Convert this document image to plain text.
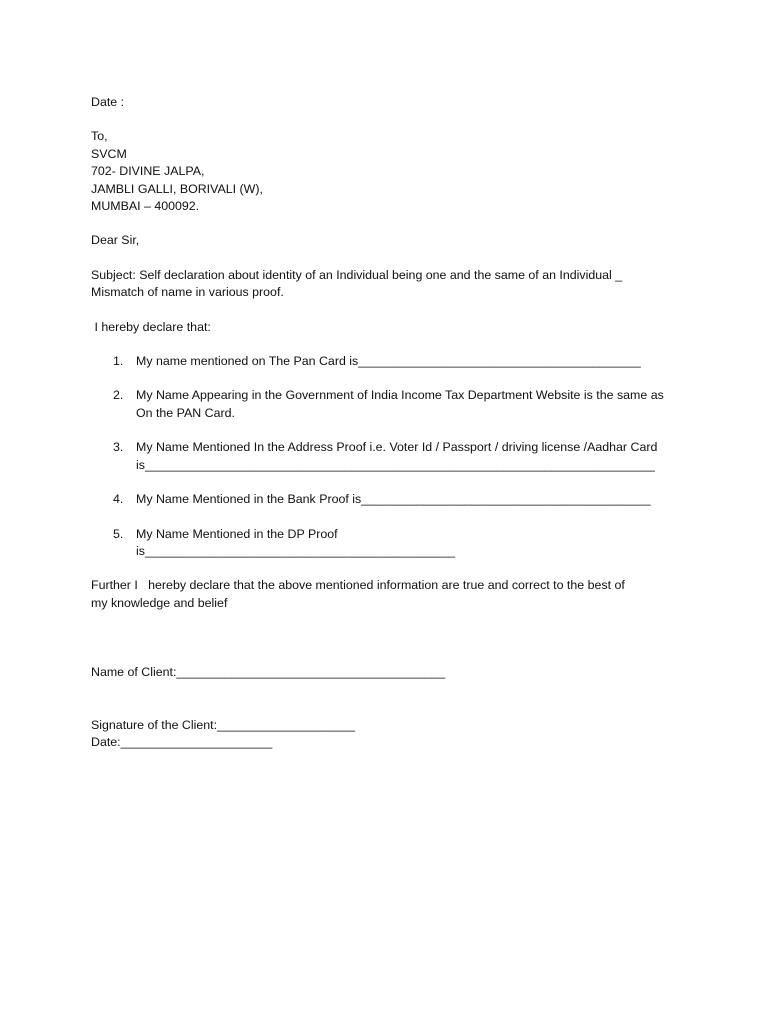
Date :
To,
SVCM
702- DIVINE JALPA,
JAMBLI GALLI, BORIVALI (W),
MUMBAI – 400092.
Dear Sir,
Subject: Self declaration about identity of an Individual being one and the same of an Individual _
Mismatch of name in various proof.
I hereby declare that:
1. My name mentioned on The Pan Card is_________________________________________
2. My Name Appearing in the Government of India Income Tax Department Website is the same as
On the PAN Card.
3. My Name Mentioned In the Address Proof i.e. Voter Id / Passport / driving license /Aadhar Card
is__________________________________________________________________________
4. My Name Mentioned in the Bank Proof is__________________________________________
5. My Name Mentioned in the DP Proof
is_____________________________________________
Further I   hereby declare that the above mentioned information are true and correct to the best of
my knowledge and belief
Name of Client:_______________________________________
Signature of the Client:____________________
Date:______________________
